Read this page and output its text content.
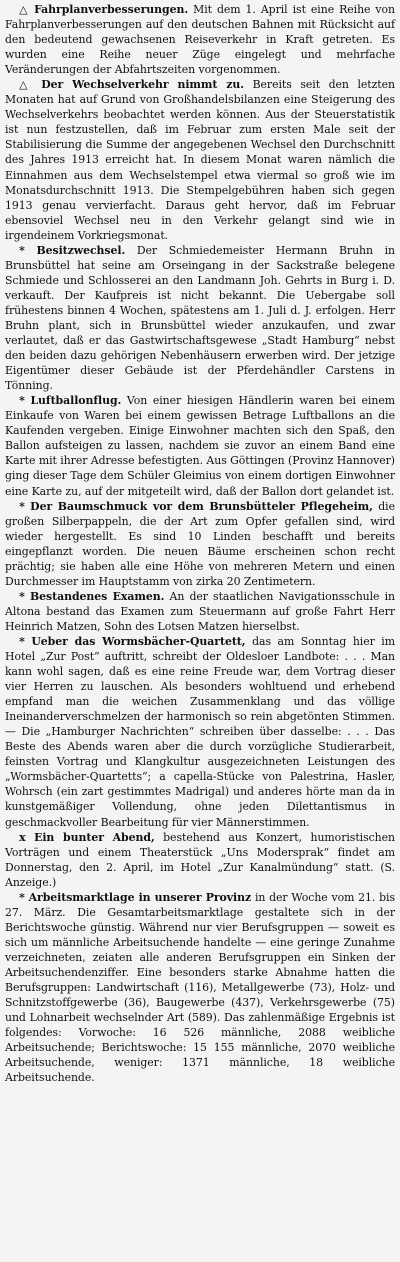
△ Fahrplanverbesserungen. Mit dem 1. April ist eine Reihe von Fahrplanverbesserungen auf den deutschen Bahnen mit Rücksicht auf den bedeutend gewachsenen Reiseverkehr in Kraft getreten. Es wurden eine Reihe neuer Züge eingelegt und mehrfache Veränderungen der Abfahrtszeiten vorgenommen.

△ Der Wechselverkehr nimmt zu. Bereits seit den letzten Monaten hat auf Grund von Großhandelsbilanzen eine Steigerung des Wechselverkehrs beobachtet werden können. Aus der Steuerstatistik ist nun festzustellen, daß im Februar zum ersten Male seit der Stabilisierung die Summe der angegebenen Wechsel den Durchschnitt des Jahres 1913 erreicht hat. In diesem Monat waren nämlich die Einnahmen aus dem Wechselstempel etwa viermal so groß wie im Monatsdurchschnitt 1913. Die Stempelgebühren haben sich gegen 1913 genau vervierfacht. Daraus geht hervor, daß im Februar ebensoviel Wechsel neu in den Verkehr gelangt sind wie in irgendeinem Vorkriegsmonat.

* Besitzwechsel. Der Schmiedemeister Hermann Bruhn in Brunsbüttel hat seine am Orseingang in der Sackstraße belegene Schmiede und Schlosserei an den Landmann Joh. Gehrts in Burg i. D. verkauft. Der Kaufpreis ist nicht bekannt. Die Uebergabe soll frühestens binnen 4 Wochen, spätestens am 1. Juli d. J. erfolgen. Herr Bruhn plant, sich in Brunsbüttel wieder anzukaufen, und zwar verlautet, daß er das Gastwirtschaftsgewese „Stadt Hamburg“ nebst den beiden dazu gehörigen Nebenhäusern erwerben wird. Der jetzige Eigentümer dieser Gebäude ist der Pferdehändler Carstens in Tönning.

* Luftballonflug. Von einer hiesigen Händlerin waren bei einem Einkaufe von Waren bei einem gewissen Betrage Luftballons an die Kaufenden vergeben. Einige Einwohner machten sich den Spaß, den Ballon aufsteigen zu lassen, nachdem sie zuvor an einem Band eine Karte mit ihrer Adresse befestigten. Aus Göttingen (Provinz Hannover) ging dieser Tage dem Schüler Gleimius von einem dortigen Einwohner eine Karte zu, auf der mitgeteilt wird, daß der Ballon dort gelandet ist.

* Der Baumschmuck vor dem Brunsbütteler Pflegeheim, die großen Silberpappeln, die der Art zum Opfer gefallen sind, wird wieder hergestellt. Es sind 10 Linden beschafft und bereits eingepflanzt worden. Die neuen Bäume erscheinen schon recht prächtig; sie haben alle eine Höhe von mehreren Metern und einen Durchmesser im Hauptstamm von zirka 20 Zentimetern.

* Bestandenes Examen. An der staatlichen Navigationsschule in Altona bestand das Examen zum Steuermann auf große Fahrt Herr Heinrich Matzen, Sohn des Lotsen Matzen hierselbst.

* Ueber das Wormsbächer-Quartett, das am Sonntag hier im Hotel „Zur Post“ auftritt, schreibt der Oldesloer Landbote: . . . Man kann wohl sagen, daß es eine reine Freude war, dem Vortrag dieser vier Herren zu lauschen. Als besonders wohltuend und erhebend empfand man die weichen Zusammenklang und das völlige Ineinanderverschmelzen der harmonisch so rein abgetönten Stimmen. — Die „Hamburger Nachrichten“ schreiben über dasselbe: . . . Das Beste des Abends waren aber die durch vorzügliche Studierarbeit, feinsten Vortrag und Klangkultur ausgezeichneten Leistungen des „Wormsbächer-Quartetts“; a capella-Stücke von Palestrina, Hasler, Wohrsch (ein zart gestimmtes Madrigal) und anderes hörte man da in kunstgemäßiger Vollendung, ohne jeden Dilettantismus in geschmackvoller Bearbeitung für vier Männerstimmen.

x Ein bunter Abend, bestehend aus Konzert, humoristischen Vorträgen und einem Theaterstück „Uns Modersprak“ findet am Donnerstag, den 2. April, im Hotel „Zur Kanalmündung“ statt. (S. Anzeige.)

* Arbeitsmarktlage in unserer Provinz in der Woche vom 21. bis 27. März. Die Gesamtarbeitsmarktlage gestaltete sich in der Berichtswoche günstig. Während nur vier Berufsgruppen — soweit es sich um männliche Arbeitsuchende handelte — eine geringe Zunahme verzeichneten, zeiaten alle anderen Berufsgruppen ein Sinken der Arbeitsuchendenziffer. Eine besonders starke Abnahme hatten die Berufsgruppen: Landwirtschaft (116), Metallgewerbe (73), Holz- und Schnitzstoffgewerbe (36), Baugewerbe (437), Verkehrsgewerbe (75) und Lohnarbeit wechselnder Art (589). Das zahlenmäßige Ergebnis ist folgendes: Vorwoche: 16 526 männliche, 2088 weibliche Arbeitsuchende; Berichtswoche: 15 155 männliche, 2070 weibliche Arbeitsuchende, weniger: 1371 männliche, 18 weibliche Arbeitsuchende.
